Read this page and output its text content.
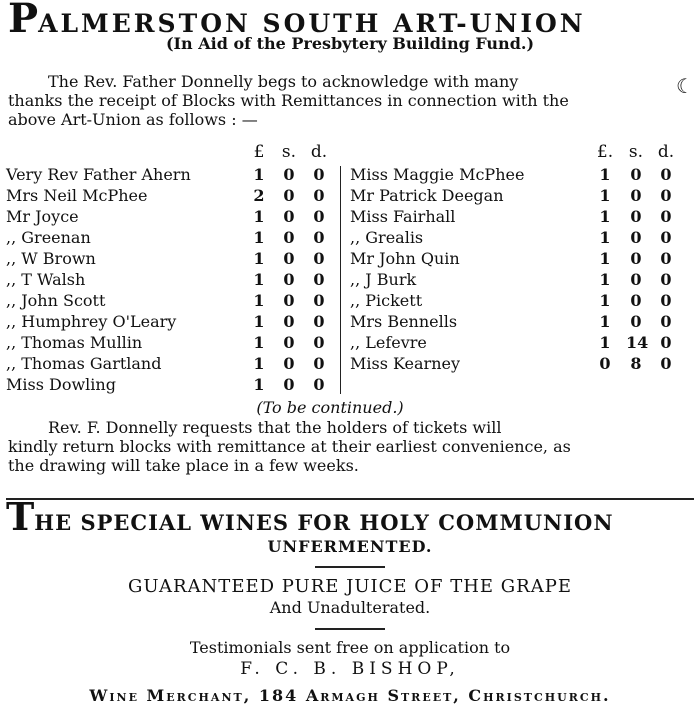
PALMERSTON SOUTH ART-UNION
(In Aid of the Presbytery Building Fund.)

The Rev. Father Donnelly begs to acknowledge with many

thanks the receipt of Blocks with Remittances in connection with the
above Art-Union as follows : —
☾
£ s. d.	£. s. d.
Very Rev Father Ahern	1 0 0
Mrs Neil McPhee	2 0 0
Mr Joyce	1 0 0
,, Greenan	1 0 0
,, W Brown	1 0 0
,, T Walsh	1 0 0
,, John Scott	1 0 0
,, Humphrey O'Leary	1 0 0
,, Thomas Mullin	1 0 0
,, Thomas Gartland	1 0 0
Miss Dowling	1 0 0
Miss Maggie McPhee	1 0 0
Mr Patrick Deegan	1 0 0
Miss Fairhall	1 0 0
,, Grealis	1 0 0
Mr John Quin	1 0 0
,, J Burk	1 0 0
,, Pickett	1 0 0
Mrs Bennells	1 0 0
,, Lefevre	1 14 0
Miss Kearney	0 8 0
(To be continued.)

Rev. F. Donnelly requests that the holders of tickets will

kindly return blocks with remittance at their earliest convenience, as
the drawing will take place in a few weeks.
THE SPECIAL WINES FOR HOLY COMMUNION
UNFERMENTED.
GUARANTEED PURE JUICE OF THE GRAPE
And Unadulterated.
Testimonials sent free on application to
F. C. B. BISHOP,
Wine Merchant, 184 Armagh Street, Christchurch.
